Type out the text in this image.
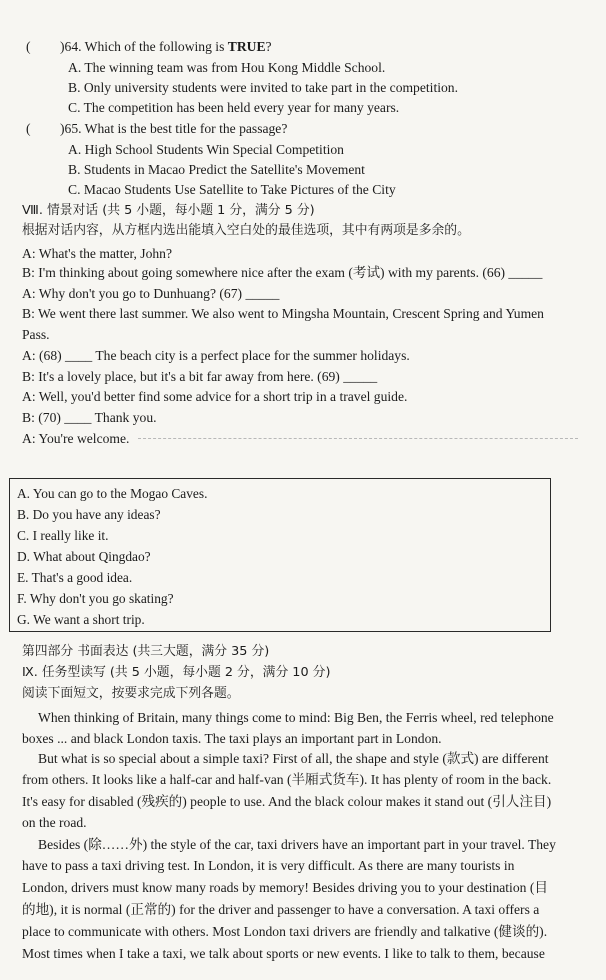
( )64. Which of the following is TRUE?
A. The winning team was from Hou Kong Middle School.
B. Only university students were invited to take part in the competition.
C. The competition has been held every year for many years.
( )65. What is the best title for the passage?
A. High School Students Win Special Competition
B. Students in Macao Predict the Satellite's Movement
C. Macao Students Use Satellite to Take Pictures of the City
Ⅷ. 情景对话 (共 5 小题，每小题 1 分，满分 5 分)
根据对话内容，从方框内选出能填入空白处的最佳选项，其中有两项是多余的。
A: What's the matter, John?
B: I'm thinking about going somewhere nice after the exam (考试) with my parents. (66) _____
A: Why don't you go to Dunhuang? (67) _____
B: We went there last summer. We also went to Mingsha Mountain, Crescent Spring and Yumen
Pass.
A: (68) ____ The beach city is a perfect place for the summer holidays.
B: It's a lovely place, but it's a bit far away from here. (69) _____
A: Well, you'd better find some advice for a short trip in a travel guide.
B: (70) ____ Thank you.
A: You're welcome.
A. You can go to the Mogao Caves.
B. Do you have any ideas?
C. I really like it.
D. What about Qingdao?
E. That's a good idea.
F. Why don't you go skating?
G. We want a short trip.
第四部分 书面表达 (共三大题，满分 35 分)
Ⅸ. 任务型读写 (共 5 小题，每小题 2 分，满分 10 分)
阅读下面短文，按要求完成下列各题。
When thinking of Britain, many things come to mind: Big Ben, the Ferris wheel, red telephone
boxes ... and black London taxis. The taxi plays an important part in London.
But what is so special about a simple taxi? First of all, the shape and style (款式) are different
from others. It looks like a half-car and half-van (半厢式货车). It has plenty of room in the back.
It's easy for disabled (残疾的) people to use. And the black colour makes it stand out (引人注目)
on the road.
Besides (除……外) the style of the car, taxi drivers have an important part in your travel. They
have to pass a taxi driving test. In London, it is very difficult. As there are many tourists in
London, drivers must know many roads by memory! Besides driving you to your destination (目
的地), it is normal (正常的) for the driver and passenger to have a conversation. A taxi offers a
place to communicate with others. Most London taxi drivers are friendly and talkative (健谈的).
Most times when I take a taxi, we talk about sports or new events. I like to talk to them, because
